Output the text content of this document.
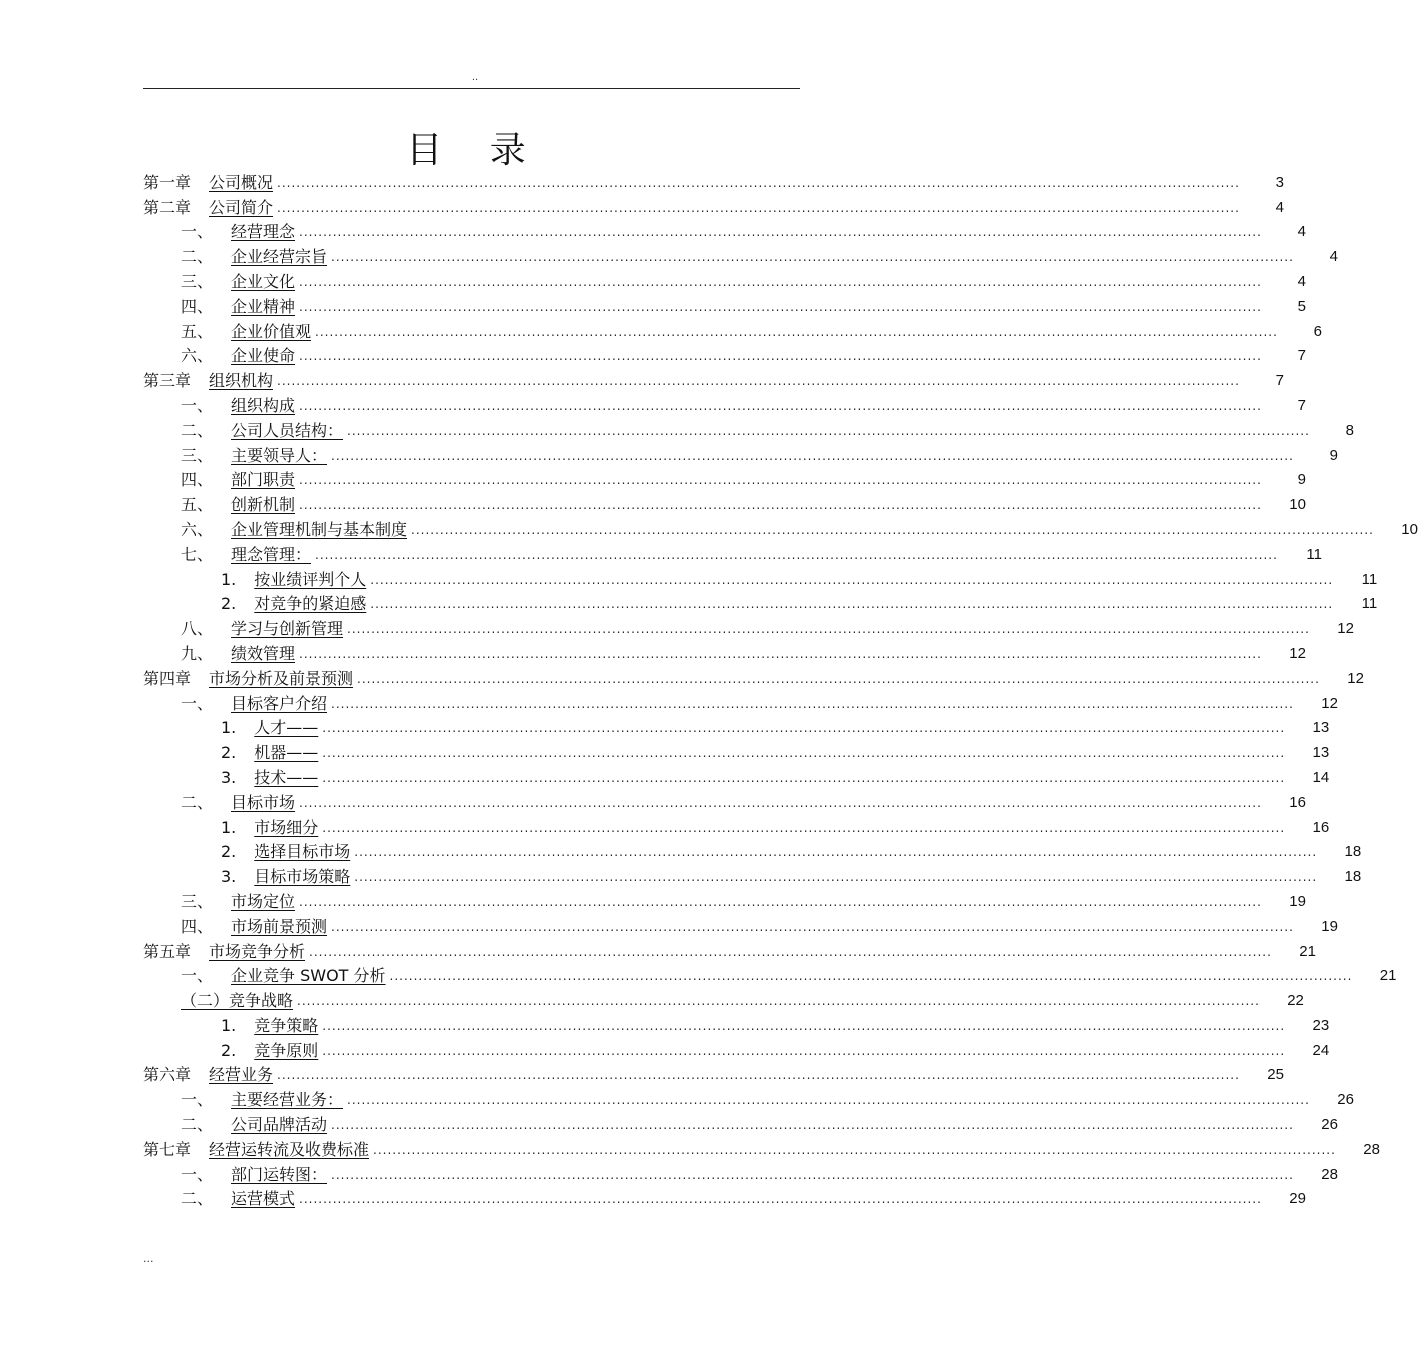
..
目 录
第一章 公司概况 ........................................................................................................................................................................................................	3
第二章 公司简介 ........................................................................................................................................................................................................	4
一、 经营理念 ........................................................................................................................................................................................................	4
二、 企业经营宗旨 ........................................................................................................................................................................................................	4
三、 企业文化 ........................................................................................................................................................................................................	4
四、 企业精神 ........................................................................................................................................................................................................	5
五、 企业价值观 ........................................................................................................................................................................................................	6
六、 企业使命 ........................................................................................................................................................................................................	7
第三章 组织机构 ........................................................................................................................................................................................................	7
一、 组织构成 ........................................................................................................................................................................................................	7
二、 公司人员结构： ........................................................................................................................................................................................................	8
三、 主要领导人： ........................................................................................................................................................................................................	9
四、 部门职责 ........................................................................................................................................................................................................	9
五、 创新机制 ........................................................................................................................................................................................................	10
六、 企业管理机制与基本制度 ........................................................................................................................................................................................................	10
七、 理念管理： ........................................................................................................................................................................................................	11
1. 按业绩评判个人 ........................................................................................................................................................................................................	11
2. 对竞争的紧迫感 ........................................................................................................................................................................................................	11
八、 学习与创新管理 ........................................................................................................................................................................................................	12
九、 绩效管理 ........................................................................................................................................................................................................	12
第四章 市场分析及前景预测 ........................................................................................................................................................................................................	12
一、 目标客户介绍 ........................................................................................................................................................................................................	12
1. 人才—— ........................................................................................................................................................................................................	13
2. 机器—— ........................................................................................................................................................................................................	13
3. 技术—— ........................................................................................................................................................................................................	14
二、 目标市场 ........................................................................................................................................................................................................	16
1. 市场细分 ........................................................................................................................................................................................................	16
2. 选择目标市场 ........................................................................................................................................................................................................	18
3. 目标市场策略 ........................................................................................................................................................................................................	18
三、 市场定位 ........................................................................................................................................................................................................	19
四、 市场前景预测 ........................................................................................................................................................................................................	19
第五章 市场竞争分析 ........................................................................................................................................................................................................	21
一、 企业竞争 SWOT 分析 ........................................................................................................................................................................................................	21
（二）竞争战略 ........................................................................................................................................................................................................	22
1. 竞争策略 ........................................................................................................................................................................................................	23
2. 竞争原则 ........................................................................................................................................................................................................	24
第六章 经营业务 ........................................................................................................................................................................................................	25
一、 主要经营业务： ........................................................................................................................................................................................................	26
二、 公司品牌活动 ........................................................................................................................................................................................................	26
第七章 经营运转流及收费标准 ........................................................................................................................................................................................................	28
一、 部门运转图： ........................................................................................................................................................................................................	28
二、 运营模式 ........................................................................................................................................................................................................	29
...
